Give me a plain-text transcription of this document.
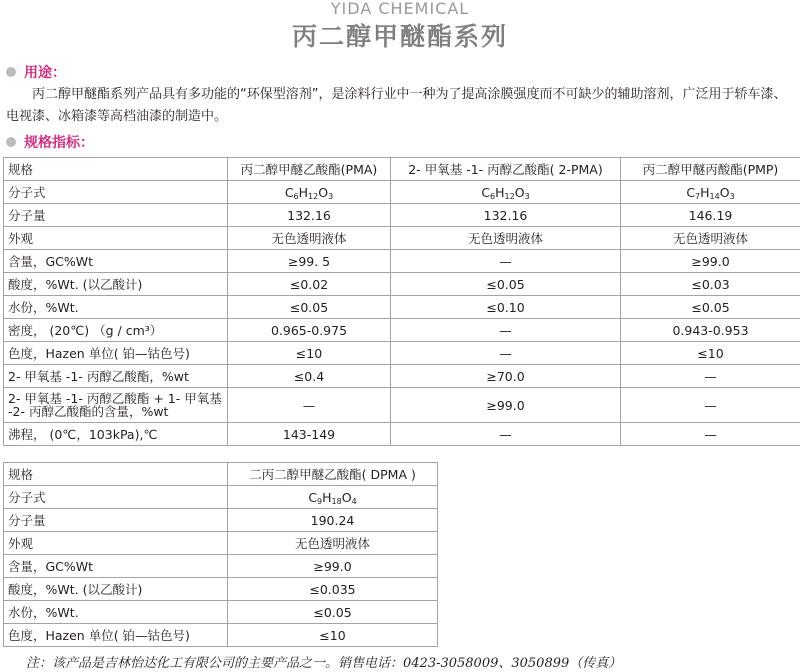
YIDA CHEMICAL
丙二醇甲醚酯系列
用途：
丙二醇甲醚酯系列产品具有多功能的“环保型溶剂”，是涂料行业中一种为了提高涂膜强度而不可缺少的辅助溶剂，广泛用于轿车漆、电视漆、冰箱漆等高档油漆的制造中。
规格指标：
规格	丙二醇甲醚乙酸酯(PMA)	2- 甲氧基 -1- 丙醇乙酸酯( 2-PMA)	丙二醇甲醚丙酸酯(PMP)
分子式	$C_6H_{12}O_3$	$C_6H_{12}O_3$	$C_7H_{14}O_3$
分子量	132.16	132.16	146.19
外观	无色透明液体	无色透明液体	无色透明液体
含量，GC%Wt	≥99. 5	—	≥99.0
酸度，%Wt. (以乙酸计)	≤0.02	≤0.05	≤0.03
水份，%Wt.	≤0.05	≤0.10	≤0.05
密度， (20℃) （g / cm³）	0.965-0.975	—	0.943-0.953
色度，Hazen 单位( 铂—钴色号)	≤10	—	≤10
2- 甲氧基 -1- 丙醇乙酸酯，%wt	≤0.4	≥70.0	—
2- 甲氧基 -1- 丙醇乙酸酯 + 1- 甲氧基 -2- 丙醇乙酸酯的含量，%wt	—	≥99.0	—
沸程， (0℃，103kPa),℃	143-149	—	—
规格	二丙二醇甲醚乙酸酯( DPMA )
分子式	$C_9H_{18}O_4$
分子量	190.24
外观	无色透明液体
含量，GC%Wt	≥99.0
酸度，%Wt. (以乙酸计)	≤0.035
水份，%Wt.	≤0.05
色度，Hazen 单位( 铂—钴色号)	≤10
注：该产品是吉林怡达化工有限公司的主要产品之一。销售电话：0423-3058009、3050899（传真）
